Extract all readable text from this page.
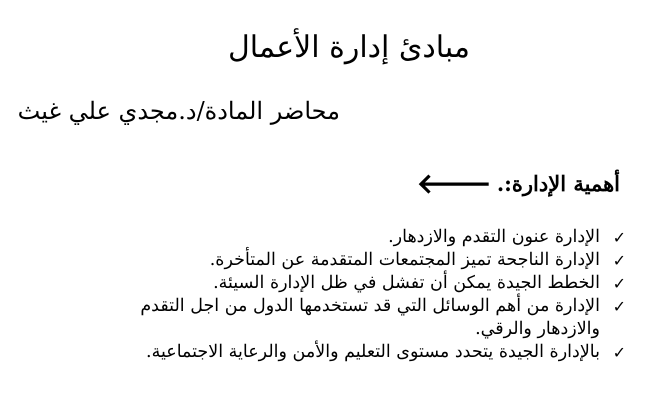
مبادئ إدارة الأعمال
محاضر المادة/د.مجدي علي غيث
أهمية الإدارة:. 🡐
✓
الإدارة عنون التقدم والازدهار.
✓
الإدارة الناجحة تميز المجتمعات المتقدمة عن المتأخرة.
✓
الخطط الجيدة يمكن أن تفشل في ظل الإدارة السيئة.
✓
الإدارة من أهم الوسائل التي قد تستخدمها الدول من اجل التقدم والازدهار والرقي.
✓
بالإدارة الجيدة يتحدد مستوى التعليم والأمن والرعاية الاجتماعية.
